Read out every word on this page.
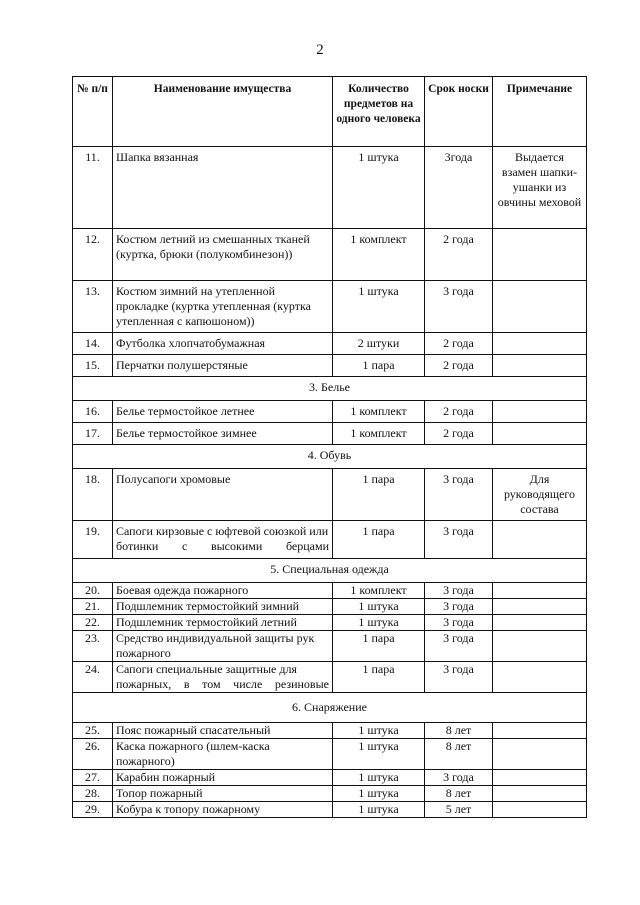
2
№ п/п	Наименование имущества	Количество предметов на одного человека	Срок носки	Примечание
11.	Шапка вязанная	1 штука	3года	Выдается взамен шапки-ушанки из овчины меховой
12.	Костюм летний из смешанных тканей (куртка, брюки (полукомбинезон))	1 комплект	2 года	
13.	Костюм зимний на утепленной прокладке (куртка утепленная (куртка утепленная с капюшоном))	1 штука	3 года	
14.	Футболка хлопчатобумажная	2 штуки	2 года	
15.	Перчатки полушерстяные	1 пара	2 года	
3. Белье				
16.	Белье термостойкое летнее	1 комплект	2 года	
17.	Белье термостойкое зимнее	1 комплект	2 года	
4. Обувь				
18.	Полусапоги хромовые	1 пара	3 года	Для руководящего состава
19.	Сапоги кирзовые с юфтевой союзкой или ботинки с высокими берцами	1 пара	3 года	
5. Специальная одежда				
20.	Боевая одежда пожарного	1 комплект	3 года	
21.	Подшлемник термостойкий зимний	1 штука	3 года	
22.	Подшлемник термостойкий летний	1 штука	3 года	
23.	Средство индивидуальной защиты рук пожарного	1 пара	3 года	
24.	Сапоги специальные защитные для пожарных, в том числе резиновые	1 пара	3 года	
6. Снаряжение				
25.	Пояс пожарный спасательный	1 штука	8 лет	
26.	Каска пожарного (шлем-каска пожарного)	1 штука	8 лет	
27.	Карабин пожарный	1 штука	3 года	
28.	Топор пожарный	1 штука	8 лет	
29.	Кобура к топору пожарному	1 штука	5 лет	
